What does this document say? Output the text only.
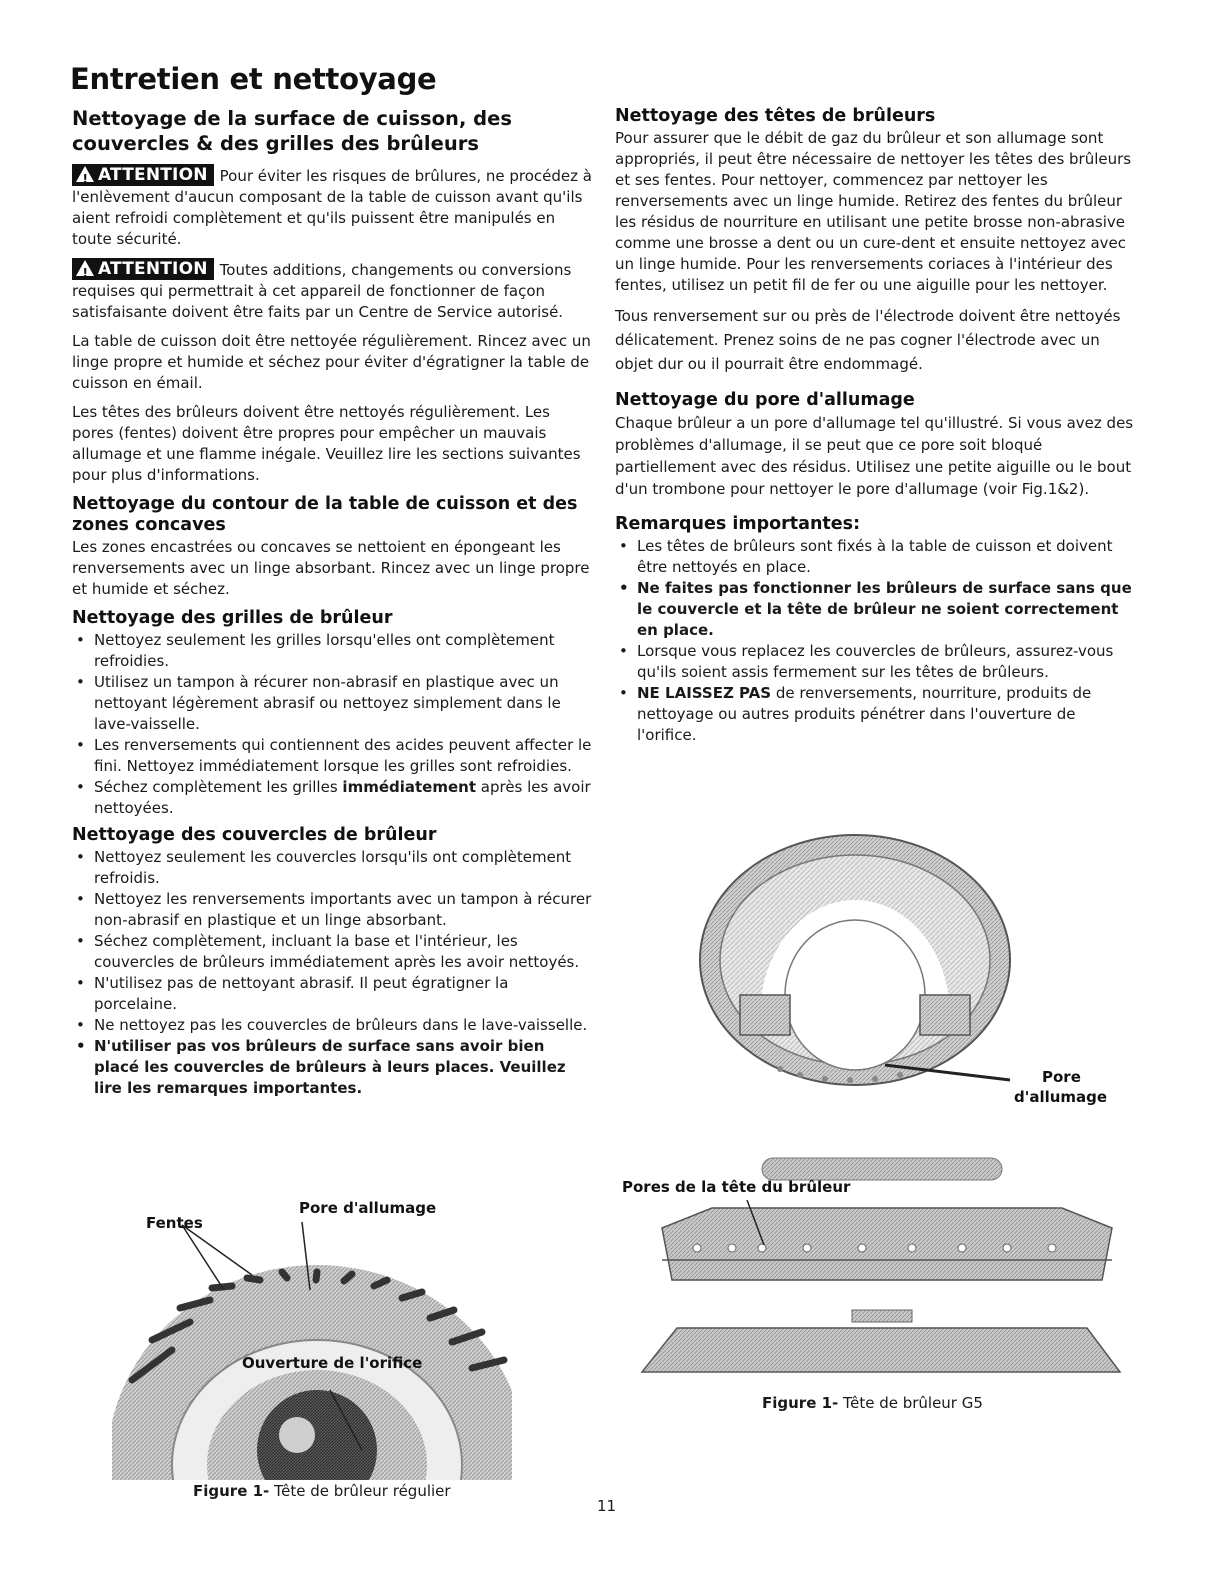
Entretien et nettoyage
Nettoyage de la surface de cuisson, des couvercles & des grilles des brûleurs

!ATTENTION Pour éviter les risques de brûlures, ne procédez à l'enlèvement d'aucun composant de la table de cuisson avant qu'ils aient refroidi complètement et qu'ils puissent être manipulés en toute sécurité.

!ATTENTION Toutes additions, changements ou conversions requises qui permettrait à cet appareil de fonctionner de façon satisfaisante doivent être faits par un Centre de Service autorisé.

La table de cuisson doit être nettoyée régulièrement. Rincez avec un linge propre et humide et séchez pour éviter d'égratigner la table de cuisson en émail.

Les têtes des brûleurs doivent être nettoyés régulièrement. Les pores (fentes) doivent être propres pour empêcher un mauvais allumage et une flamme inégale. Veuillez lire les sections suivantes pour plus d'informations.

Nettoyage du contour de la table de cuisson et des zones concaves

Les zones encastrées ou concaves se nettoient en épongeant les renversements avec un linge absorbant. Rincez avec un linge propre et humide et séchez.

Nettoyage des grilles de brûleur
• Nettoyez seulement les grilles lorsqu'elles ont complètement refroidies.
• Utilisez un tampon à récurer non-abrasif en plastique avec un nettoyant légèrement abrasif ou nettoyez simplement dans le lave-vaisselle.
• Les renversements qui contiennent des acides peuvent affecter le fini. Nettoyez immédiatement lorsque les grilles sont refroidies.
• Séchez complètement les grilles immédiatement après les avoir nettoyées.
Nettoyage des couvercles de brûleur
• Nettoyez seulement les couvercles lorsqu'ils ont complètement refroidis.
• Nettoyez les renversements importants avec un tampon à récurer non-abrasif en plastique et un linge absorbant.
• Séchez complètement, incluant la base et l'intérieur, les couvercles de brûleurs immédiatement après les avoir nettoyés.
• N'utilisez pas de nettoyant abrasif. Il peut égratigner la porcelaine.
• Ne nettoyez pas les couvercles de brûleurs dans le lave-vaisselle.
• N'utiliser pas vos brûleurs de surface sans avoir bien placé les couvercles de brûleurs à leurs places. Veuillez lire les remarques importantes.
Fentes
Pore d'allumage
Ouverture de l'orifice
Figure 1- Tête de brûleur régulier
Nettoyage des têtes de brûleurs

Pour assurer que le débit de gaz du brûleur et son allumage sont appropriés, il peut être nécessaire de nettoyer les têtes des brûleurs et ses fentes. Pour nettoyer, commencez par nettoyer les renversements avec un linge humide. Retirez des fentes du brûleur les résidus de nourriture en utilisant une petite brosse non-abrasive comme une brosse a dent ou un cure-dent et ensuite nettoyez avec un linge humide. Pour les renversements coriaces à l'intérieur des fentes, utilisez un petit fil de fer ou une aiguille pour les nettoyer.

Tous renversement sur ou près de l'électrode doivent être nettoyés délicatement. Prenez soins de ne pas cogner l'électrode avec un objet dur ou il pourrait être endommagé.

Nettoyage du pore d'allumage

Chaque brûleur a un pore d'allumage tel qu'illustré. Si vous avez des problèmes d'allumage, il se peut que ce pore soit bloqué partiellement avec des résidus. Utilisez une petite aiguille ou le bout d'un trombone pour nettoyer le pore d'allumage (voir Fig.1&2).

Remarques importantes:
• Les têtes de brûleurs sont fixés à la table de cuisson et doivent être nettoyés en place.
• Ne faites pas fonctionner les brûleurs de surface sans que le couvercle et la tête de brûleur ne soient correctement en place.
• Lorsque vous replacez les couvercles de brûleurs, assurez-vous qu'ils soient assis fermement sur les têtes de brûleurs.
• NE LAISSEZ PAS de renversements, nourriture, produits de nettoyage ou autres produits pénétrer dans l'ouverture de l'orifice.
Pore
d'allumage
Pores de la tête du brûleur
Figure 1- Tête de brûleur G5
11
